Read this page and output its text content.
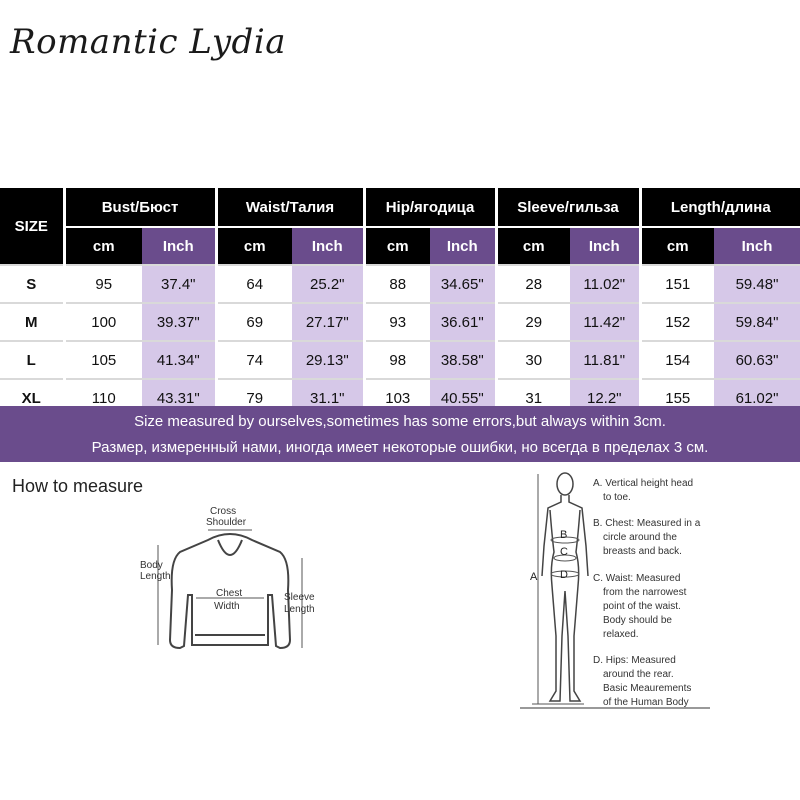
Romantic Lydia
SIZE	Bust/Бюст		Waist/Талия		Hip/ягодица		Sleeve/гильза		Length/длина	
	cm	Inch	cm	Inch	cm	Inch	cm	Inch	cm	Inch
S	95	37.4"	64	25.2"	88	34.65"	28	11.02"	151	59.48"
M	100	39.37"	69	27.17"	93	36.61"	29	11.42"	152	59.84"
L	105	41.34"	74	29.13"	98	38.58"	30	11.81"	154	60.63"
XL	110	43.31"	79	31.1"	103	40.55"	31	12.2"	155	61.02"
Size measured by ourselves,sometimes has some errors,but always within 3cm.
Размер, измеренный нами, иногда имеет некоторые ошибки, но всегда в пределах 3 см.
How to measure
Cross
Shoulder
Body
Length
Chest
Width
Sleeve
Length
B
C
D
A
A. Vertical height head
to toe.
B. Chest: Measured in a
circle around the
breasts and back.
C. Waist: Measured
from the narrowest
point of the waist.
Body should be
relaxed.
D. Hips: Measured
around the rear.
Basic Meaurements
of the Human Body
